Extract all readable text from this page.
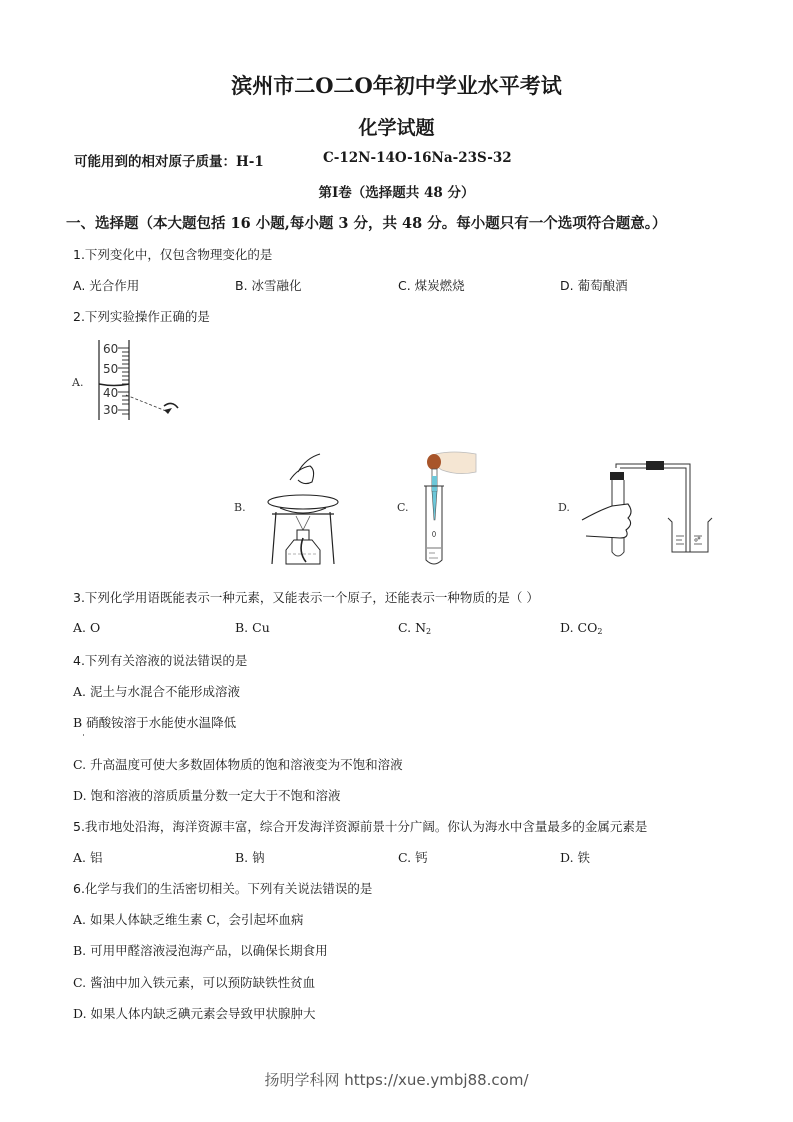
滨州市二O二O年初中学业水平考试
化学试题
可能用到的相对原子质量：H-1	C-12N-14O-16Na-23S-32
第I卷（选择题共 48 分）
一、选择题（本大题包括 16 小题,每小题 3 分，共 48 分。每小题只有一个选项符合题意。）
1.下列变化中，仅包含物理变化的是
A. 光合作用	B. 冰雪融化	C. 煤炭燃烧	D. 葡萄酿酒
2.下列实验操作正确的是
A.
60
50
40
30
B.	C.	D.
3.下列化学用语既能表示一种元素，又能表示一个原子，还能表示一种物质的是（ ）
A. O	B. Cu	C. $N_2$	D. $CO_2$
4.下列有关溶液的说法错误的是
A. 泥土与水混合不能形成溶液
B 硝酸铵溶于水能使水温降低
C. 升高温度可使大多数固体物质的饱和溶液变为不饱和溶液
D. 饱和溶液的溶质质量分数一定大于不饱和溶液
5.我市地处沿海，海洋资源丰富，综合开发海洋资源前景十分广阔。你认为海水中含量最多的金属元素是
A. 铝	B. 钠	C. 钙	D. 铁
6.化学与我们的生活密切相关。下列有关说法错误的是
A. 如果人体缺乏维生素 C，会引起坏血病
B. 可用甲醛溶液浸泡海产品，以确保长期食用
C. 酱油中加入铁元素，可以预防缺铁性贫血
D. 如果人体内缺乏碘元素会导致甲状腺肿大
扬明学科网 https://xue.ymbj88.com/
